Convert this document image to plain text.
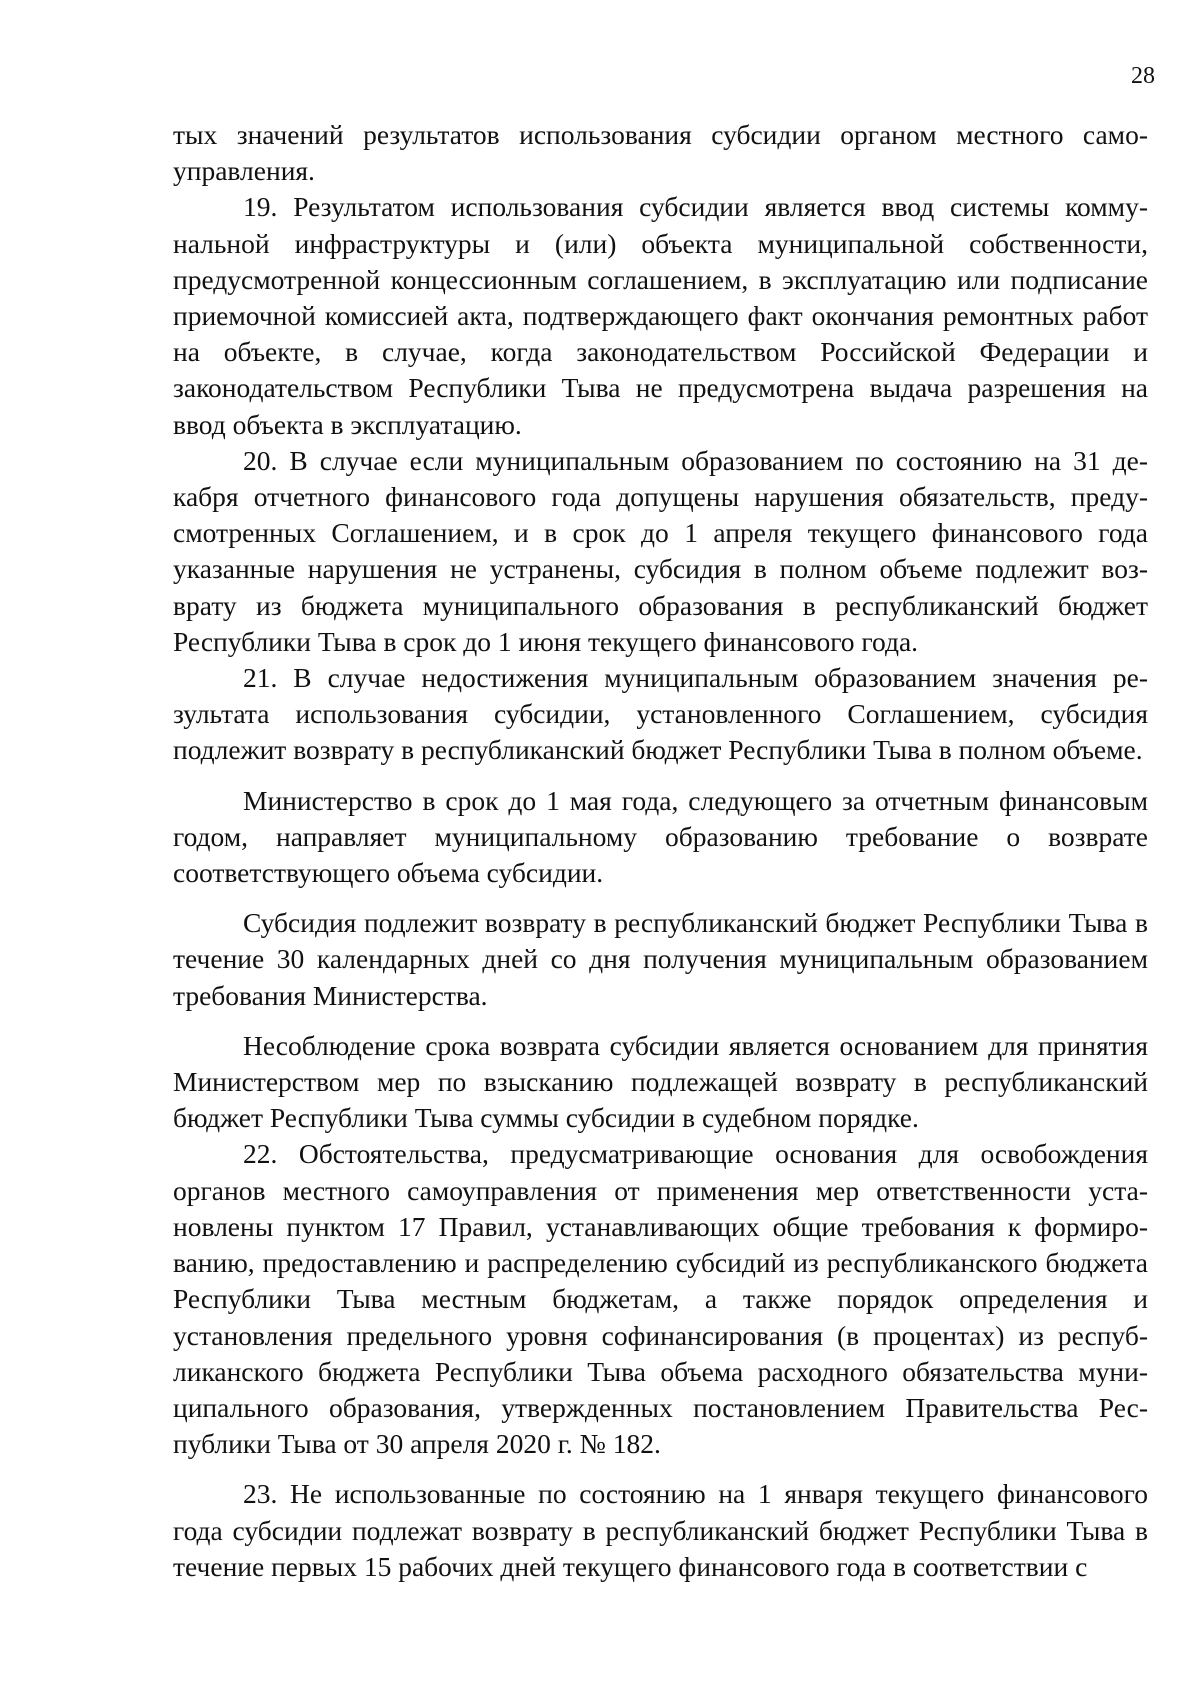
28

тых значений результатов использования субсидии органом местного самоуправления.

19. Результатом использования субсидии является ввод системы коммунальной инфраструктуры и (или) объекта муниципальной собственности, предусмотренной концессионным соглашением, в эксплуатацию или подписание приемочной комиссией акта, подтверждающего факт окончания ремонтных работ на объекте, в случае, когда законодательством Российской Федерации и законодательством Республики Тыва не предусмотрена выдача разрешения на ввод объекта в эксплуатацию.

20. В случае если муниципальным образованием по состоянию на 31 декабря отчетного финансового года допущены нарушения обязательств, предусмотренных Соглашением, и в срок до 1 апреля текущего финансового года указанные нарушения не устранены, субсидия в полном объеме подлежит возврату из бюджета муниципального образования в республиканский бюджет Республики Тыва в срок до 1 июня текущего финансового года.

21. В случае недостижения муниципальным образованием значения результата использования субсидии, установленного Соглашением, субсидия подлежит возврату в республиканский бюджет Республики Тыва в полном объеме.

Министерство в срок до 1 мая года, следующего за отчетным финансовым годом, направляет муниципальному образованию требование о возврате соответствующего объема субсидии.

Субсидия подлежит возврату в республиканский бюджет Республики Тыва в течение 30 календарных дней со дня получения муниципальным образованием требования Министерства.

Несоблюдение срока возврата субсидии является основанием для принятия Министерством мер по взысканию подлежащей возврату в республиканский бюджет Республики Тыва суммы субсидии в судебном порядке.

22. Обстоятельства, предусматривающие основания для освобождения органов местного самоуправления от применения мер ответственности установлены пунктом 17 Правил, устанавливающих общие требования к формированию, предоставлению и распределению субсидий из республиканского бюджета Республики Тыва местным бюджетам, а также порядок определения и установления предельного уровня софинансирования (в процентах) из республиканского бюджета Республики Тыва объема расходного обязательства муниципального образования, утвержденных постановлением Правительства Республики Тыва от 30 апреля 2020 г. № 182.

23. Не использованные по состоянию на 1 января текущего финансового года субсидии подлежат возврату в республиканский бюджет Республики Тыва в течение первых 15 рабочих дней текущего финансового года в соответствии с
